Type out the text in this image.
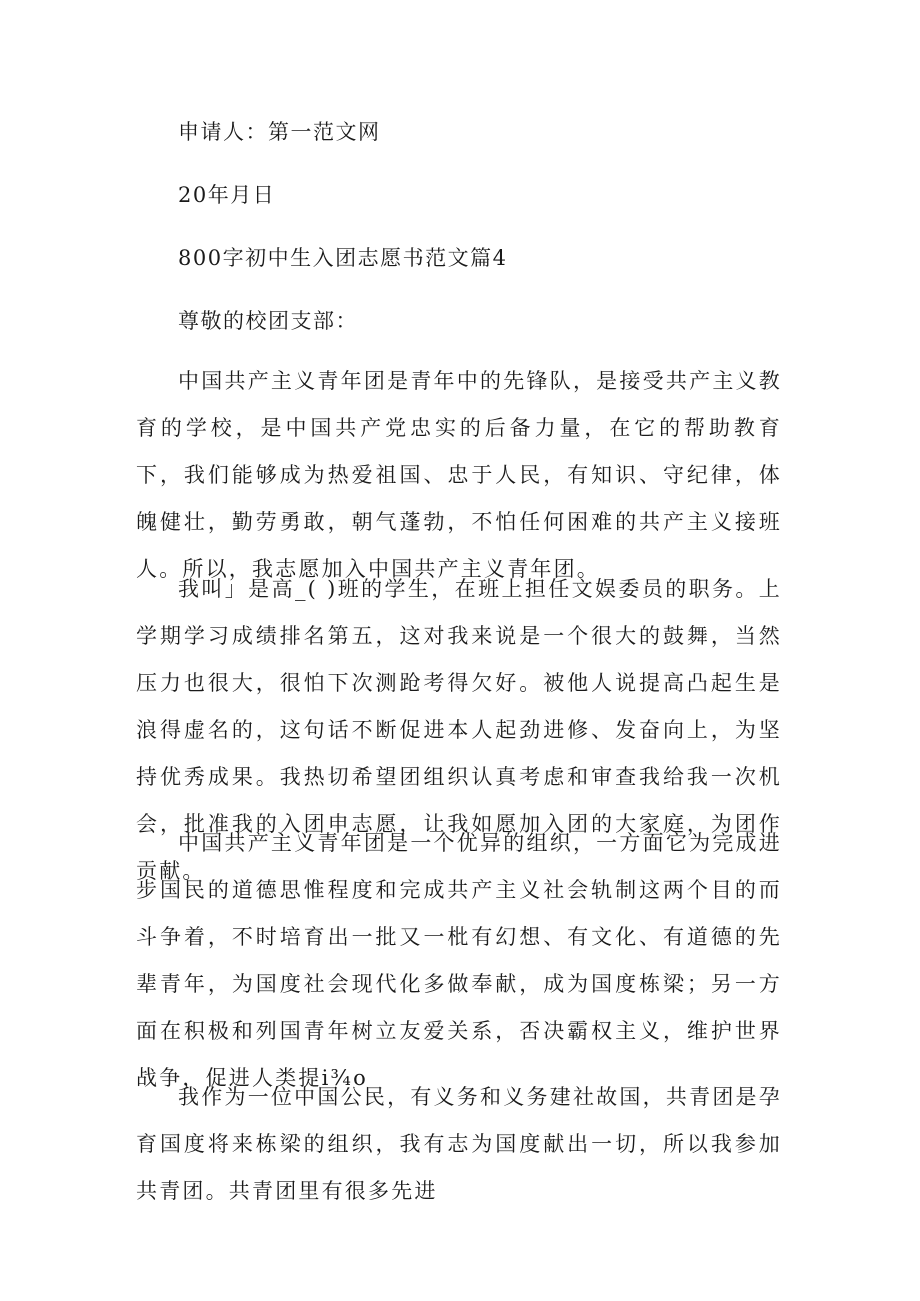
申请人：第一范文网

20年月日

800字初中生入团志愿书范文篇4

尊敬的校团支部：

中国共产主义青年团是青年中的先锋队，是接受共产主义教育的学校，是中国共产党忠实的后备力量，在它的帮助教育下，我们能够成为热爱祖国、忠于人民，有知识、守纪律，体魄健壮，勤劳勇敢，朝气蓬勃，不怕任何困难的共产主义接班人。所以，我志愿加入中国共产主义青年团。

我叫」是高_( )班的学生，在班上担任文娱委员的职务。上学期学习成绩排名第五，这对我来说是一个很大的鼓舞，当然压力也很大，很怕下次测跄考得欠好。被他人说提高凸起生是浪得虚名的，这句话不断促进本人起劲进修、发奋向上，为坚持优秀成果。我热切希望团组织认真考虑和审查我给我一次机会，批准我的入团申志愿，让我如愿加入团的大家庭，为团作贡献。

中国共产主义青年团是一个优异的组织，一方面它为完成进步国民的道德思惟程度和完成共产主义社会轨制这两个目的而斗争着，不时培育出一批又一枇有幻想、有文化、有道德的先辈青年，为国度社会现代化多做奉献，成为国度栋梁；另一方面在积极和列国青年树立友爱关系，否决霸权主义，维护世界战争，促进人类提i¾o

我作为一位中国公民，有义务和义务建社故国，共青团是孕育国度将来栋梁的组织，我有志为国度献出一切，所以我参加共青团。共青团里有很多先进
